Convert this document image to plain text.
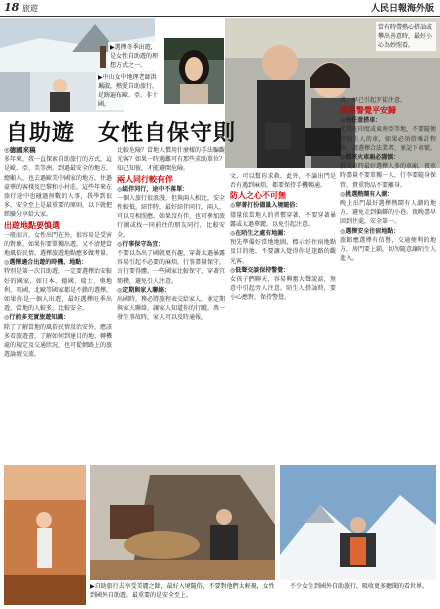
18 旅遊	人民日報海外版
▶選擇冬季出遊，是女性自助遊的理想方式之一。
▶中山女中地理老師洪珮淑，熱愛自助旅行，足跡遍布歐、亞、非十國。
當有時帶熱心搭訕或攀出善意時，最好小心為妙照看。
自助遊　女性自保守則

◎德國來稿

多年來，我一直探索自助旅行的方式，這是歐、亞、美等洲，到過最安全的地方，總顯人，也去過歐美中國家的地方，住過豪華的客棧及巴黎和小村莊。這些年來在旅行途中也碰過無數的人事，我學到很多，安全至上是最重要的原則，以下就把經驗分享給大家。

出遊地點要慎選

一般而言，女性出門在外，很容易是受害的對象。如果你要單獨出遊，又不清楚當地風俗民情，選擇旅遊地點應多做考量。

◎選擇適合出遊的時機、地點：

特別是第一次自助遊，一定要選擇治安較好的國家，如日本、德國、瑞士、奧地利、英國、北歐等國家都是不錯的選擇。如果你是一個人出遊，最好選擇旺季出遊，當地的人較多，比較安全。

◎行前多充實旅遊知識：

除了了解當地的風俗民情及治安外，應該多看旅遊書，了解如何到達目的地、轉機處的規定及交通狀況，也可從網路上的旅遊論壇交流。

比較危險？當地人慣用什麼樣的手法騙觀光客？如果一時遇難可有那些求助單位？知己知彼，才能避開危險。

兩人同行較有伴

◎組伴同行，途中不落單：

一個人旅行很浪漫，但與兩人相比，安全性較低。結伴時，最好結伴同行，兩人，可以互相照應。如果沒有伴，也可參加旅行團或找一同前往的朋友同行，比較安全。

◎行事保守為宜：

不要以為出了國就更有趣，穿著太過暴露容易引起不必要的麻煩，行事盡量保守，言行要得體。一些國家比較保守，穿著宜簡樸，避免引人注意。

◎定期與家人聯絡：

出國時，務必將旅程表交給家人，並定期與家人聯絡，讓家人知道你的行蹤。萬一發生事故時，家人可以及時通報。

文，可以幫你求救。此外，不論出門是否有遇到麻煩，都要保持手機暢通。

防人之心不可無

◎穿著打扮儘量入境隨俗：

儘量依當地人的習慣穿著，不要穿著暴露或太過華麗，以免引起注意。

◎在陌生之處有地圖：

預先準備好當地地圖，標示好住宿地點及目的地，不要讓人覺得你是迷路的觀光客。

◎低聲交談保持警覺：

女孩子們聊天，容易興奮大聲說話，無意中引起旁人注意。陌生人搭訕時，要小心應對，保持警覺。

音，早已引起歹徒注意。

提高警覺平安歸

◎勿任意搭車：

尤其在印度或東南亞等地，不要隨便坐陌生人的車，如果必須搭乘計程車，請選擇合法業者，並記下車號。

◎標來火車廂必謹慎：

搭火車時最好選擇人多的車廂，夜車時盡量不要單獨一人，行李要隨身保管，貴重物品不要離身。

◎挑選熱鬧有人潮：

晚上出門最好選擇熱鬧有人潮的地方，避免走到偏僻的小巷。夜晚盡早回到住處，安全第一。

◎選擇安全住宿地點：

旅館應選擇有信譽，交通便利的地方，房門要上鎖，切勿隨意讓陌生人進入。

▶自助旅行去享受美麗之餘，最好入境隨俗，不要對他們太輕視，女性到國外自助遊，最重要的是安全至上。
不少女生到國外自助旅行，吸收更多聽聞的看世界。
